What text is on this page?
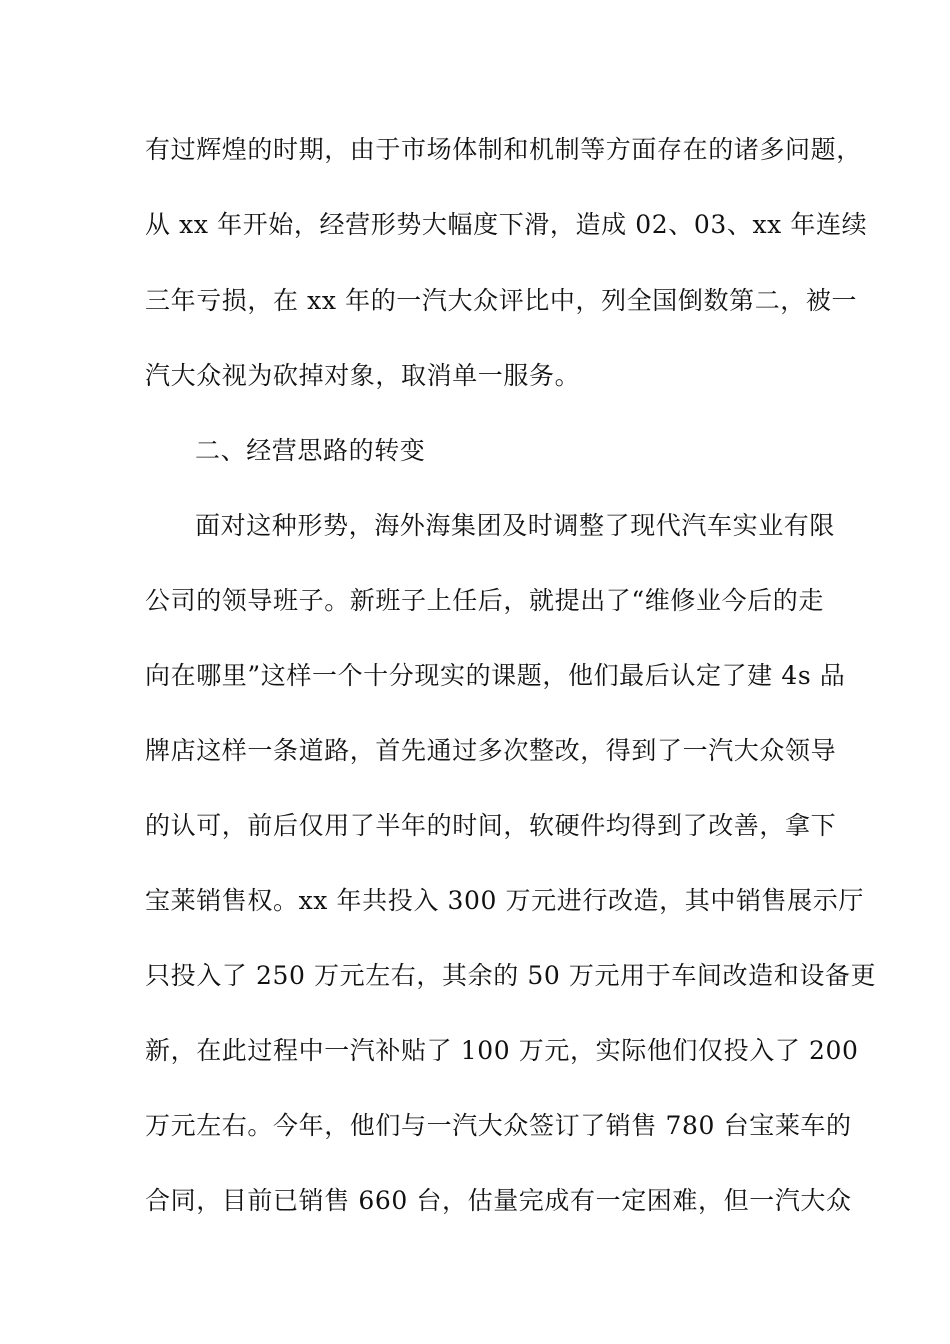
有过辉煌的时期，由于市场体制和机制等方面存在的诸多问题，
从 xx 年开始，经营形势大幅度下滑，造成 02、03、xx 年连续
三年亏损，在 xx 年的一汽大众评比中，列全国倒数第二，被一
汽大众视为砍掉对象，取消单一服务。
二、经营思路的转变
面对这种形势，海外海集团及时调整了现代汽车实业有限
公司的领导班子。新班子上任后，就提出了“维修业今后的走
向在哪里”这样一个十分现实的课题，他们最后认定了建 4s 品
牌店这样一条道路，首先通过多次整改，得到了一汽大众领导
的认可，前后仅用了半年的时间，软硬件均得到了改善，拿下
宝莱销售权。xx 年共投入 300 万元进行改造，其中销售展示厅
只投入了 250 万元左右，其余的 50 万元用于车间改造和设备更
新，在此过程中一汽补贴了 100 万元，实际他们仅投入了 200
万元左右。今年，他们与一汽大众签订了销售 780 台宝莱车的
合同，目前已销售 660 台，估量完成有一定困难，但一汽大众
